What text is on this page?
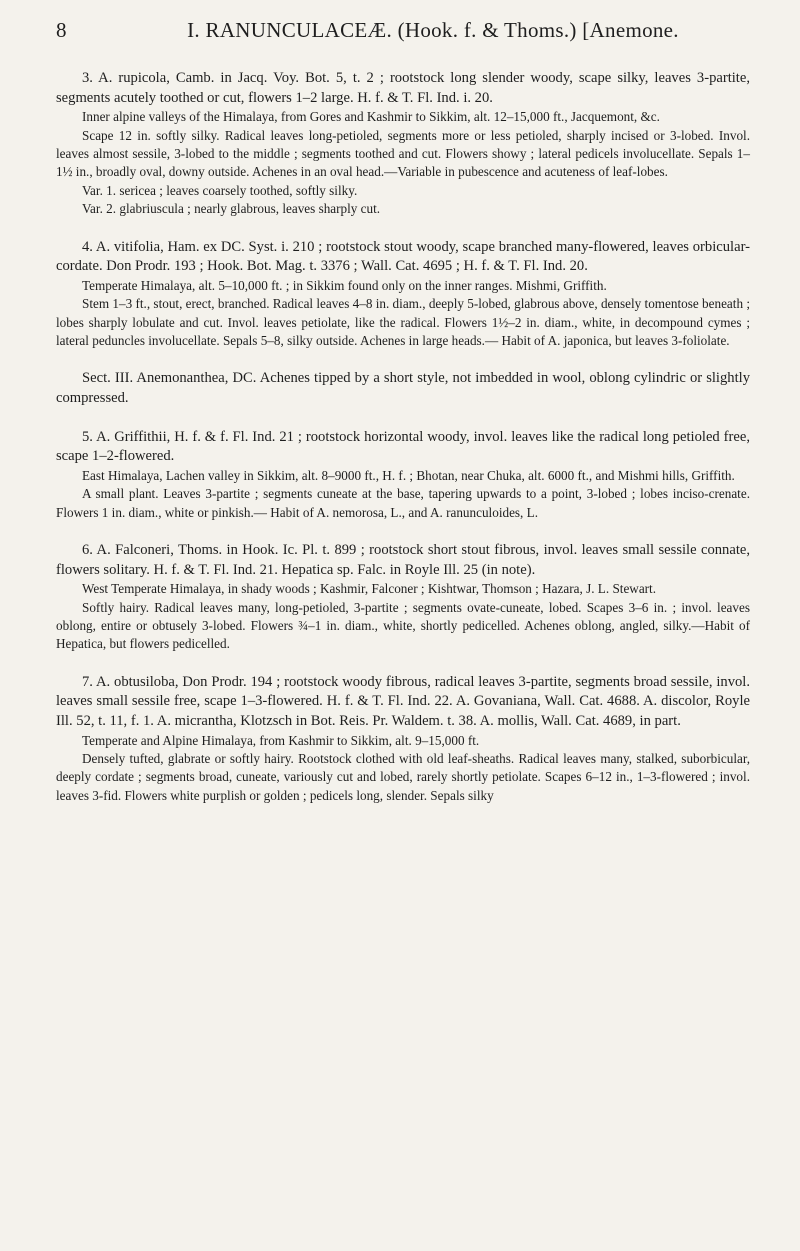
8	I. RANUNCULACEÆ. (Hook. f. & Thoms.) [Anemone.

3. A. rupicola, Camb. in Jacq. Voy. Bot. 5, t. 2 ; rootstock long slender woody, scape silky, leaves 3-partite, segments acutely toothed or cut, flowers 1–2 large. H. f. & T. Fl. Ind. i. 20.

Inner alpine valleys of the Himalaya, from Gores and Kashmir to Sikkim, alt. 12–15,000 ft., Jacquemont, &c.

Scape 12 in. softly silky. Radical leaves long-petioled, segments more or less petioled, sharply incised or 3-lobed. Invol. leaves almost sessile, 3-lobed to the middle ; segments toothed and cut. Flowers showy ; lateral pedicels involucellate. Sepals 1–1½ in., broadly oval, downy outside. Achenes in an oval head.—Variable in pubescence and acuteness of leaf-lobes.

Var. 1. sericea ; leaves coarsely toothed, softly silky.

Var. 2. glabriuscula ; nearly glabrous, leaves sharply cut.

4. A. vitifolia, Ham. ex DC. Syst. i. 210 ; rootstock stout woody, scape branched many-flowered, leaves orbicular-cordate. Don Prodr. 193 ; Hook. Bot. Mag. t. 3376 ; Wall. Cat. 4695 ; H. f. & T. Fl. Ind. 20.

Temperate Himalaya, alt. 5–10,000 ft. ; in Sikkim found only on the inner ranges. Mishmi, Griffith.

Stem 1–3 ft., stout, erect, branched. Radical leaves 4–8 in. diam., deeply 5-lobed, glabrous above, densely tomentose beneath ; lobes sharply lobulate and cut. Invol. leaves petiolate, like the radical. Flowers 1½–2 in. diam., white, in decompound cymes ; lateral peduncles involucellate. Sepals 5–8, silky outside. Achenes in large heads.— Habit of A. japonica, but leaves 3-foliolate.

Sect. III. Anemonanthea, DC. Achenes tipped by a short style, not imbedded in wool, oblong cylindric or slightly compressed.

5. A. Griffithii, H. f. & f. Fl. Ind. 21 ; rootstock horizontal woody, invol. leaves like the radical long petioled free, scape 1–2-flowered.

East Himalaya, Lachen valley in Sikkim, alt. 8–9000 ft., H. f. ; Bhotan, near Chuka, alt. 6000 ft., and Mishmi hills, Griffith.

A small plant. Leaves 3-partite ; segments cuneate at the base, tapering upwards to a point, 3-lobed ; lobes inciso-crenate. Flowers 1 in. diam., white or pinkish.— Habit of A. nemorosa, L., and A. ranunculoides, L.

6. A. Falconeri, Thoms. in Hook. Ic. Pl. t. 899 ; rootstock short stout fibrous, invol. leaves small sessile connate, flowers solitary. H. f. & T. Fl. Ind. 21. Hepatica sp. Falc. in Royle Ill. 25 (in note).

West Temperate Himalaya, in shady woods ; Kashmir, Falconer ; Kishtwar, Thomson ; Hazara, J. L. Stewart.

Softly hairy. Radical leaves many, long-petioled, 3-partite ; segments ovate-cuneate, lobed. Scapes 3–6 in. ; invol. leaves oblong, entire or obtusely 3-lobed. Flowers ¾–1 in. diam., white, shortly pedicelled. Achenes oblong, angled, silky.—Habit of Hepatica, but flowers pedicelled.

7. A. obtusiloba, Don Prodr. 194 ; rootstock woody fibrous, radical leaves 3-partite, segments broad sessile, invol. leaves small sessile free, scape 1–3-flowered. H. f. & T. Fl. Ind. 22. A. Govaniana, Wall. Cat. 4688. A. discolor, Royle Ill. 52, t. 11, f. 1. A. micrantha, Klotzsch in Bot. Reis. Pr. Waldem. t. 38. A. mollis, Wall. Cat. 4689, in part.

Temperate and Alpine Himalaya, from Kashmir to Sikkim, alt. 9–15,000 ft.

Densely tufted, glabrate or softly hairy. Rootstock clothed with old leaf-sheaths. Radical leaves many, stalked, suborbicular, deeply cordate ; segments broad, cuneate, variously cut and lobed, rarely shortly petiolate. Scapes 6–12 in., 1–3-flowered ; invol. leaves 3-fid. Flowers white purplish or golden ; pedicels long, slender. Sepals silky
